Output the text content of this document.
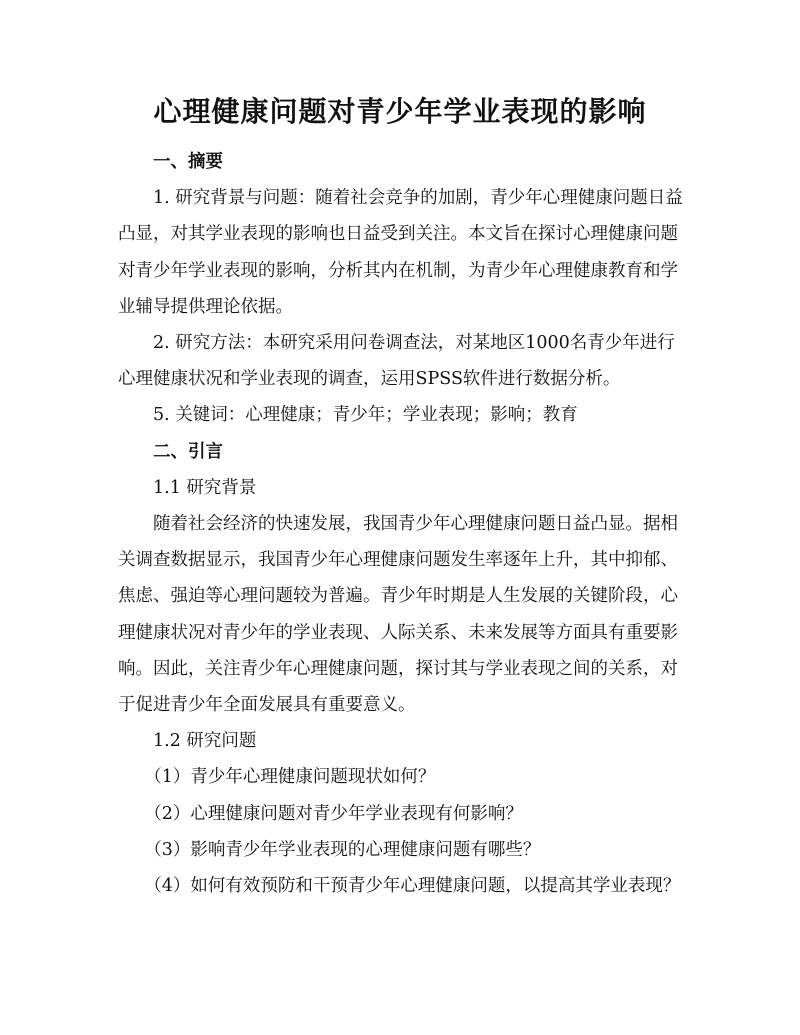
心理健康问题对青少年学业表现的影响

一、摘要

1. 研究背景与问题：随着社会竞争的加剧，青少年心理健康问题日益凸显，对其学业表现的影响也日益受到关注。本文旨在探讨心理健康问题对青少年学业表现的影响，分析其内在机制，为青少年心理健康教育和学业辅导提供理论依据。

2. 研究方法：本研究采用问卷调查法，对某地区1000名青少年进行心理健康状况和学业表现的调查，运用SPSS软件进行数据分析。

5. 关键词：心理健康；青少年；学业表现；影响；教育

二、引言

1.1 研究背景

随着社会经济的快速发展，我国青少年心理健康问题日益凸显。据相关调查数据显示，我国青少年心理健康问题发生率逐年上升，其中抑郁、焦虑、强迫等心理问题较为普遍。青少年时期是人生发展的关键阶段，心理健康状况对青少年的学业表现、人际关系、未来发展等方面具有重要影响。因此，关注青少年心理健康问题，探讨其与学业表现之间的关系，对于促进青少年全面发展具有重要意义。

1.2 研究问题

（1）青少年心理健康问题现状如何？

（2）心理健康问题对青少年学业表现有何影响？

（3）影响青少年学业表现的心理健康问题有哪些？

（4）如何有效预防和干预青少年心理健康问题，以提高其学业表现？
